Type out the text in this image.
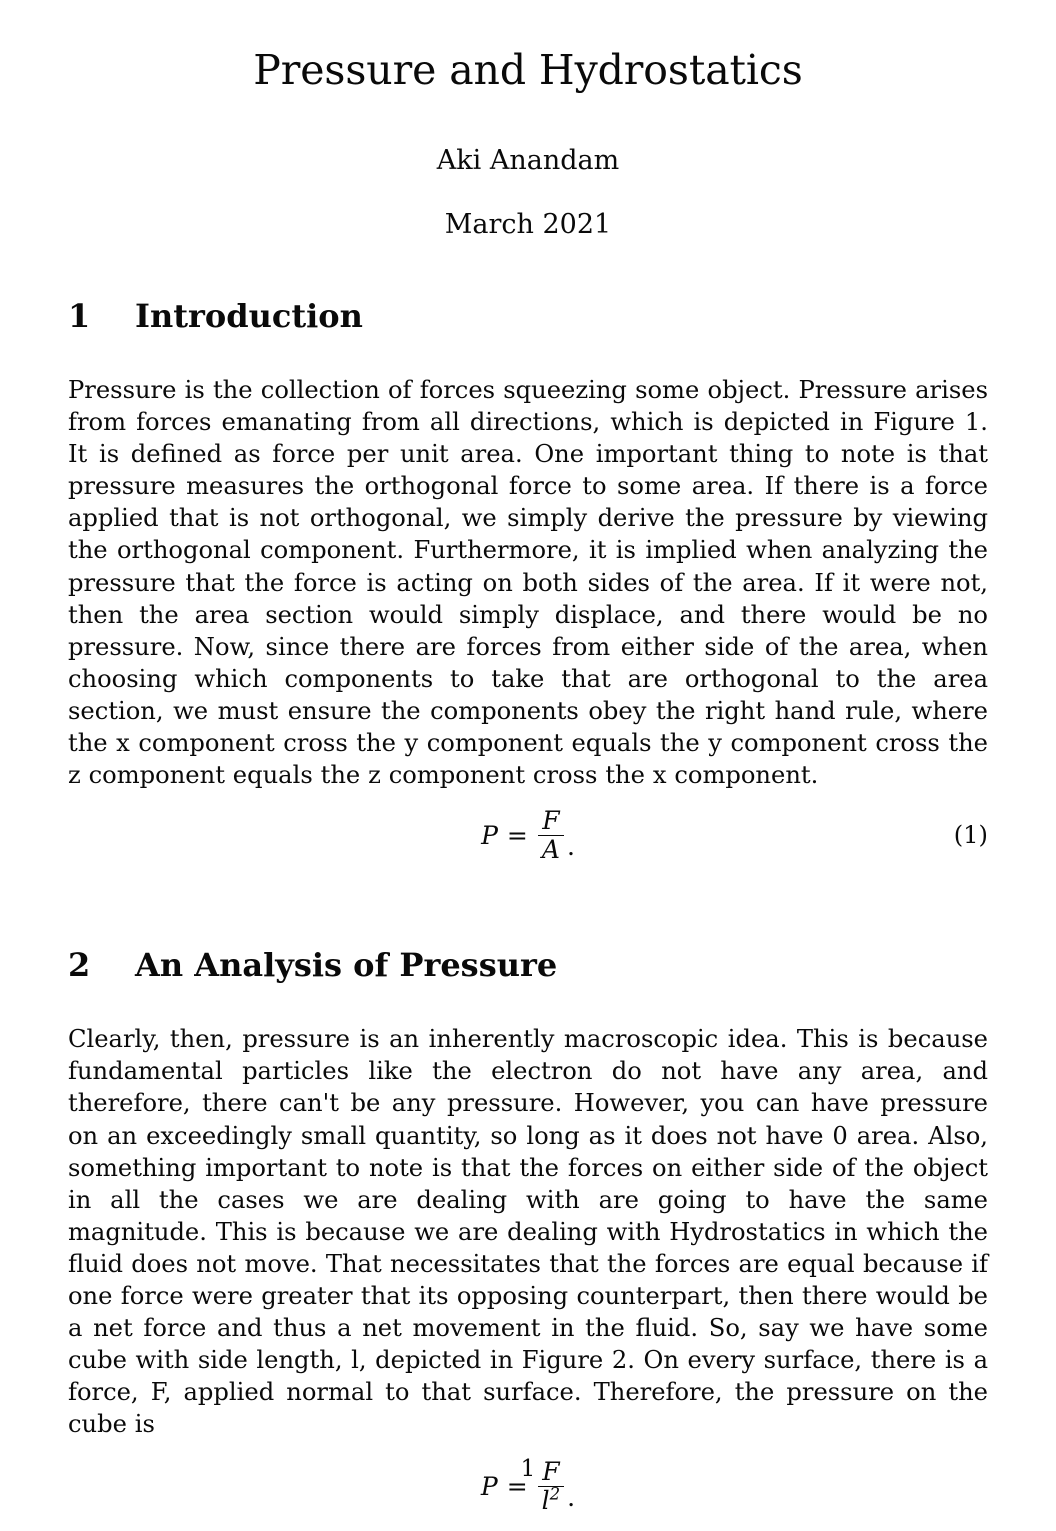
Pressure and Hydrostatics
Aki Anandam
March 2021
1	Introduction

Pressure is the collection of forces squeezing some object. Pressure arises from forces emanating from all directions, which is depicted in Figure 1. It is defined as force per unit area. One important thing to note is that pressure measures the orthogonal force to some area. If there is a force applied that is not orthogonal, we simply derive the pressure by viewing the orthogonal component. Furthermore, it is implied when analyzing the pressure that the force is acting on both sides of the area. If it were not, then the area section would simply displace, and there would be no pressure. Now, since there are forces from either side of the area, when choosing which components to take that are orthogonal to the area section, we must ensure the components obey the right hand rule, where the x component cross the y component equals the y component cross the z component equals the z component cross the x component.

$P = \frac{F}{A}$ .	(1)
2	An Analysis of Pressure

Clearly, then, pressure is an inherently macroscopic idea. This is because fundamental particles like the electron do not have any area, and therefore, there can't be any pressure. However, you can have pressure on an exceedingly small quantity, so long as it does not have 0 area. Also, something important to note is that the forces on either side of the object in all the cases we are dealing with are going to have the same magnitude. This is because we are dealing with Hydrostatics in which the fluid does not move. That necessitates that the forces are equal because if one force were greater that its opposing counterpart, then there would be a net force and thus a net movement in the fluid. So, say we have some cube with side length, l, depicted in Figure 2. On every surface, there is a force, F, applied normal to that surface. Therefore, the pressure on the cube is

$P = \frac{F}{l^2}$ .
1
